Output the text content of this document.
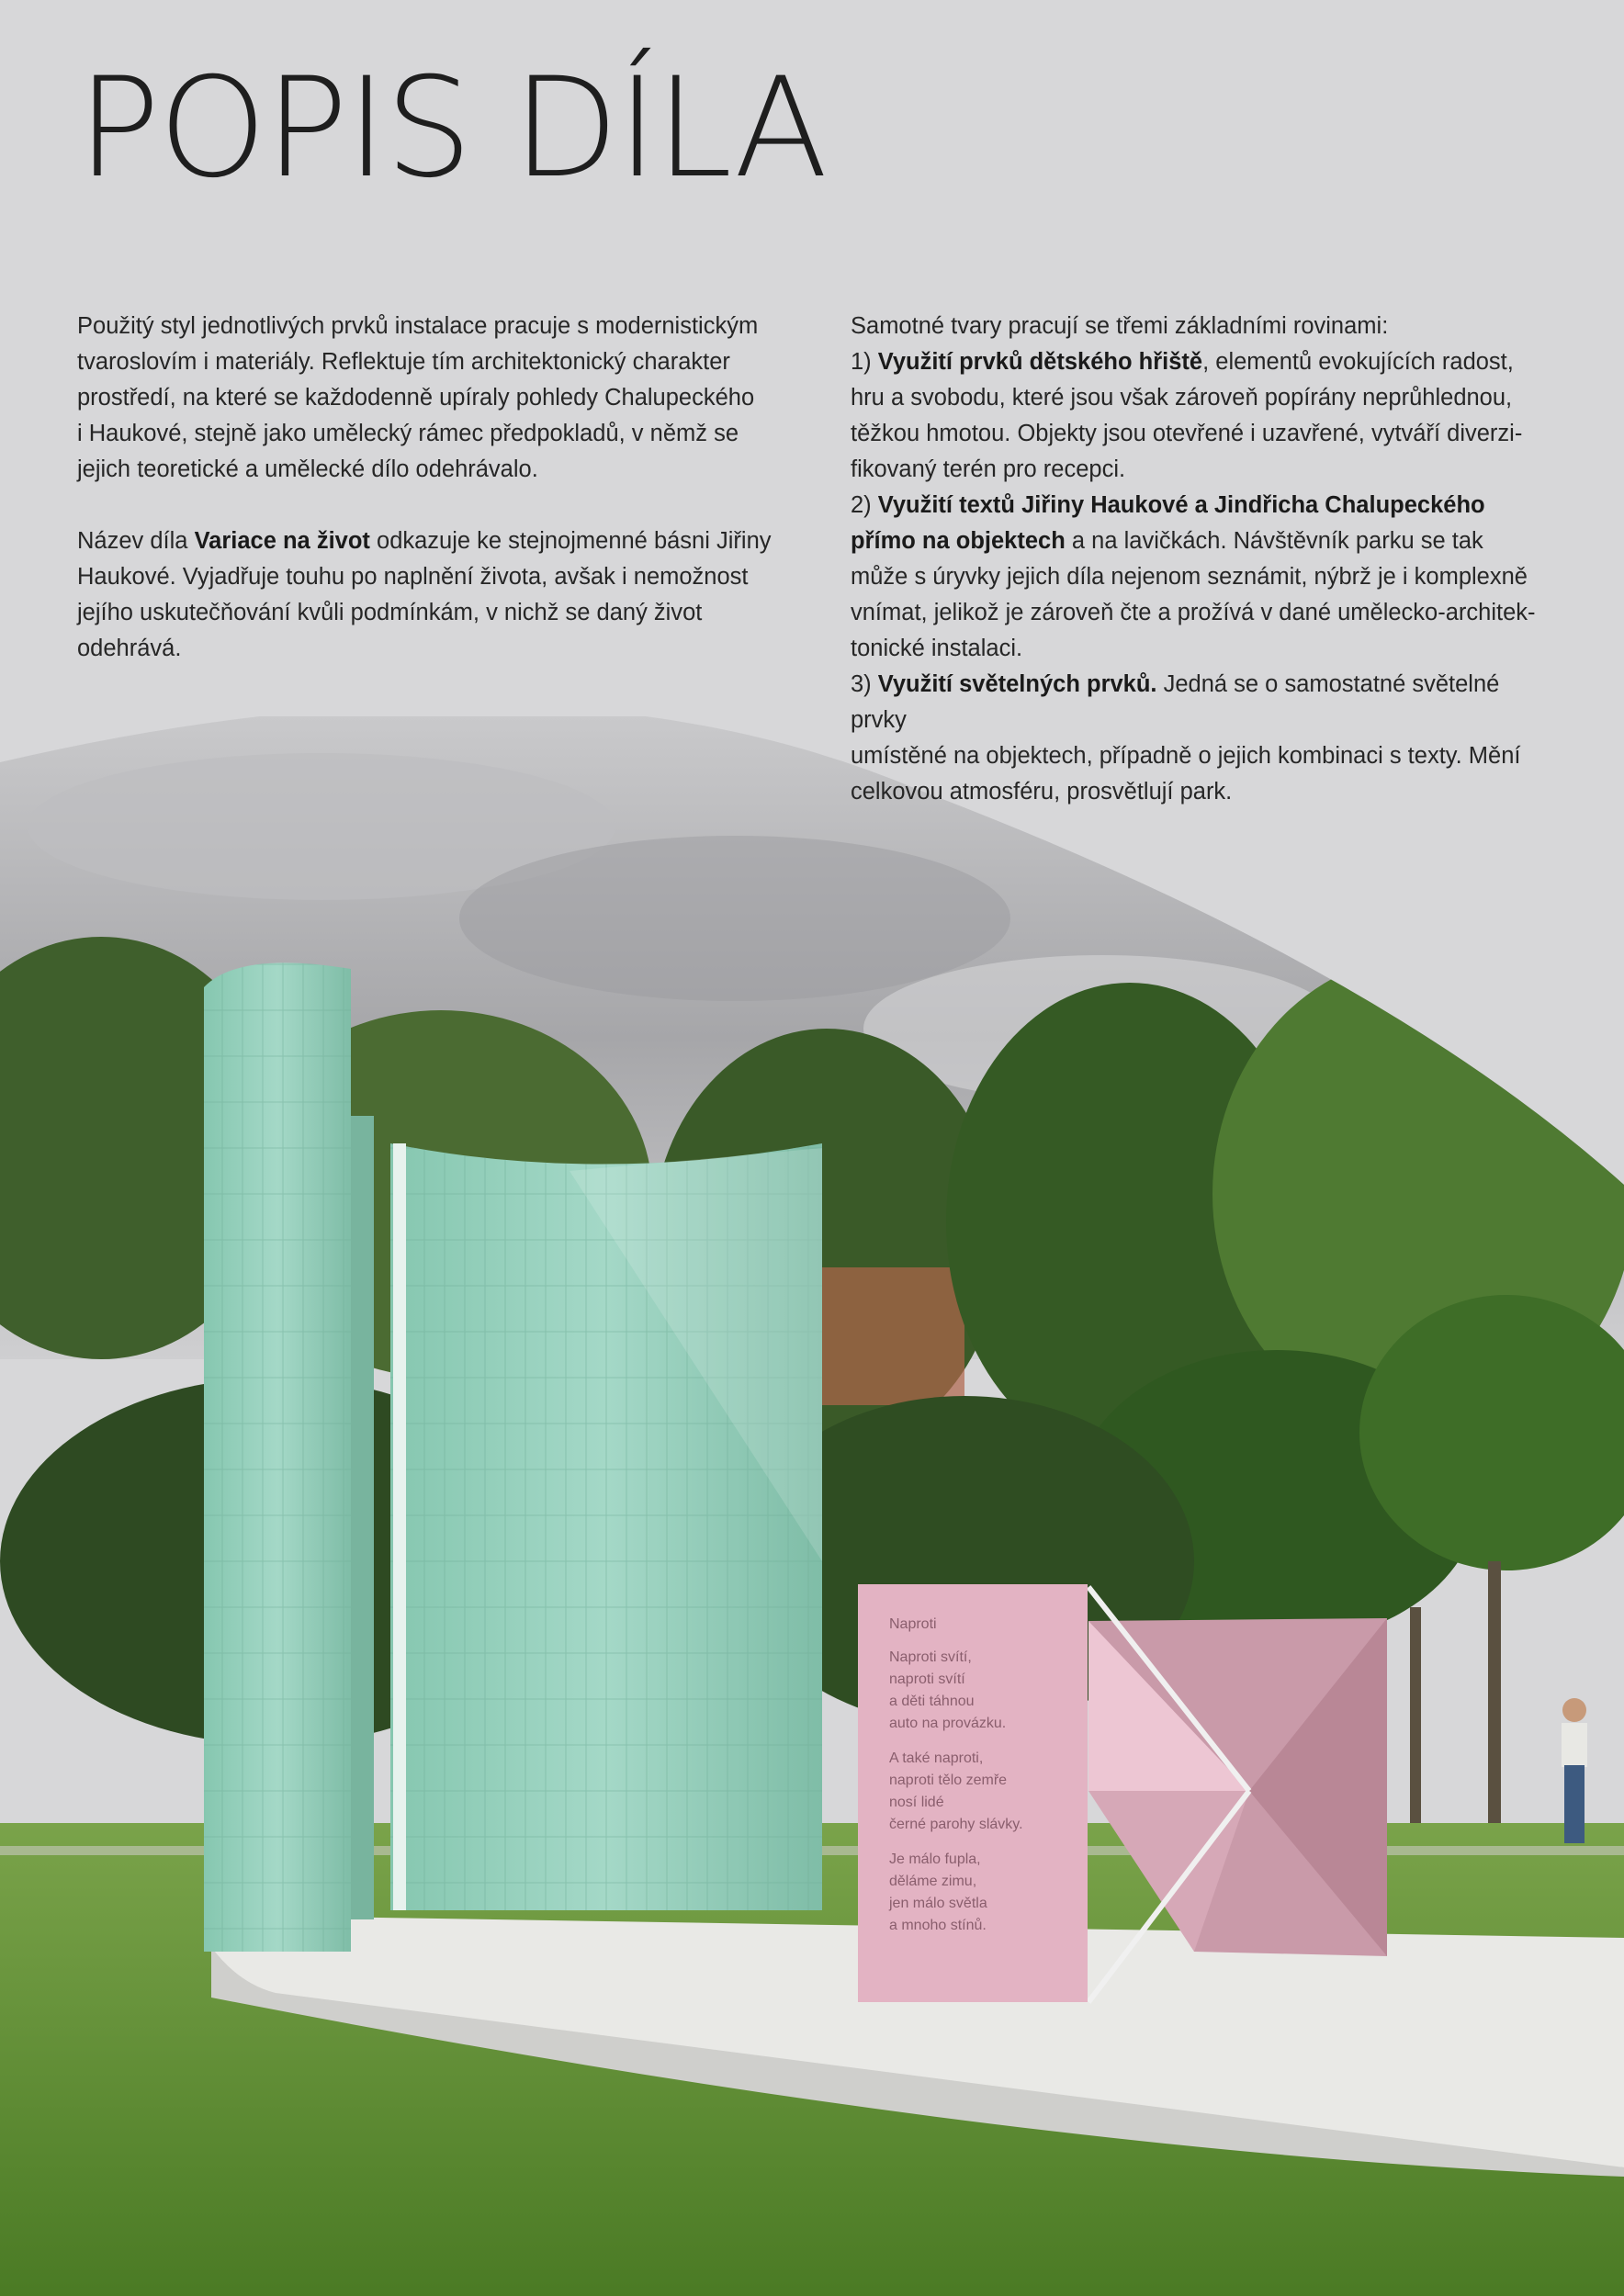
POPIS DÍLA

Použitý styl jednotlivých prvků instalace pracuje s modernistickým
tvaroslovím i materiály. Reflektuje tím architektonický charakter
prostředí, na které se každodenně upíraly pohledy Chalupeckého
i Haukové, stejně jako umělecký rámec předpokladů, v němž se
jejich teoretické a umělecké dílo odehrávalo.

Název díla Variace na život odkazuje ke stejnojmenné básni Jiřiny
Haukové. Vyjadřuje touhu po naplnění života, avšak i nemožnost
jejího uskutečňování kvůli podmínkám, v nichž se daný život
odehrává.

Samotné tvary pracují se třemi základními rovinami:

1) Využití prvků dětského hřiště, elementů evokujících radost,
hru a svobodu, které jsou však zároveň popírány neprůhlednou,
těžkou hmotou. Objekty jsou otevřené i uzavřené, vytváří diverzi-
fikovaný terén pro recepci.

2) Využití textů Jiřiny Haukové a Jindřicha Chalupeckého
přímo na objektech a na lavičkách. Návštěvník parku se tak
může s úryvky jejich díla nejenom seznámit, nýbrž je i komplexně
vnímat, jelikož je zároveň čte a prožívá v dané umělecko-architek-
tonické instalaci.

3) Využití světelných prvků. Jedná se o samostatné světelné prvky
umístěné na objektech, případně o jejich kombinaci s texty. Mění
celkovou atmosféru, prosvětlují park.

Naproti
Naproti svítí,
naproti svítí
a děti táhnou
auto na provázku.
A také naproti,
naproti tělo zemře
nosí lidé
černé parohy slávky.
Je málo fupla,
děláme zimu,
jen málo světla
a mnoho stínů.
